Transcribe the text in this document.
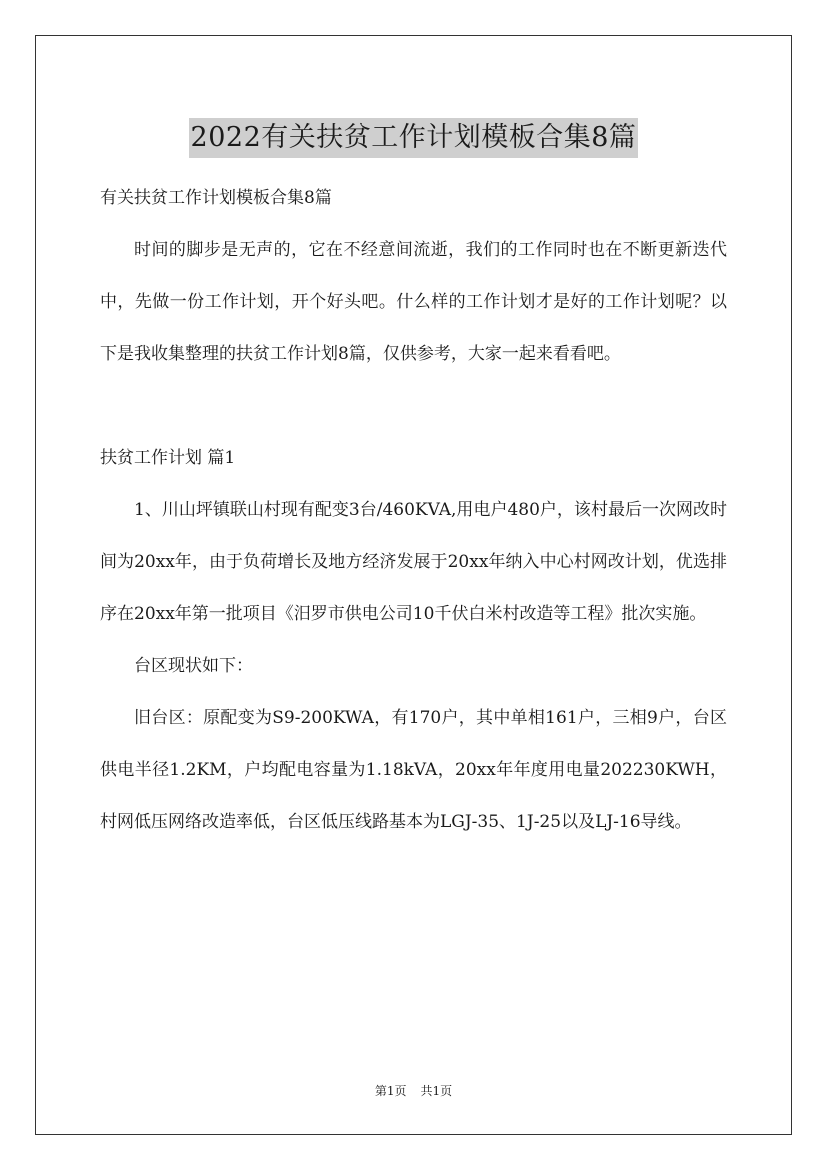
2022有关扶贫工作计划模板合集8篇

有关扶贫工作计划模板合集8篇

时间的脚步是无声的，它在不经意间流逝，我们的工作同时也在不断更新迭代中，先做一份工作计划，开个好头吧。什么样的工作计划才是好的工作计划呢？以下是我收集整理的扶贫工作计划8篇，仅供参考，大家一起来看看吧。

扶贫工作计划 篇1

1、川山坪镇联山村现有配变3台/460KVA,用电户480户，该村最后一次网改时间为20xx年，由于负荷增长及地方经济发展于20xx年纳入中心村网改计划，优选排序在20xx年第一批项目《汨罗市供电公司10千伏白米村改造等工程》批次实施。

台区现状如下：

旧台区：原配变为S9-200KWA，有170户，其中单相161户，三相9户，台区供电半径1.2KM，户均配电容量为1.18kVA，20xx年年度用电量202230KWH，村网低压网络改造率低，台区低压线路基本为LGJ-35、1J-25以及LJ-16导线。

第1页 共1页
